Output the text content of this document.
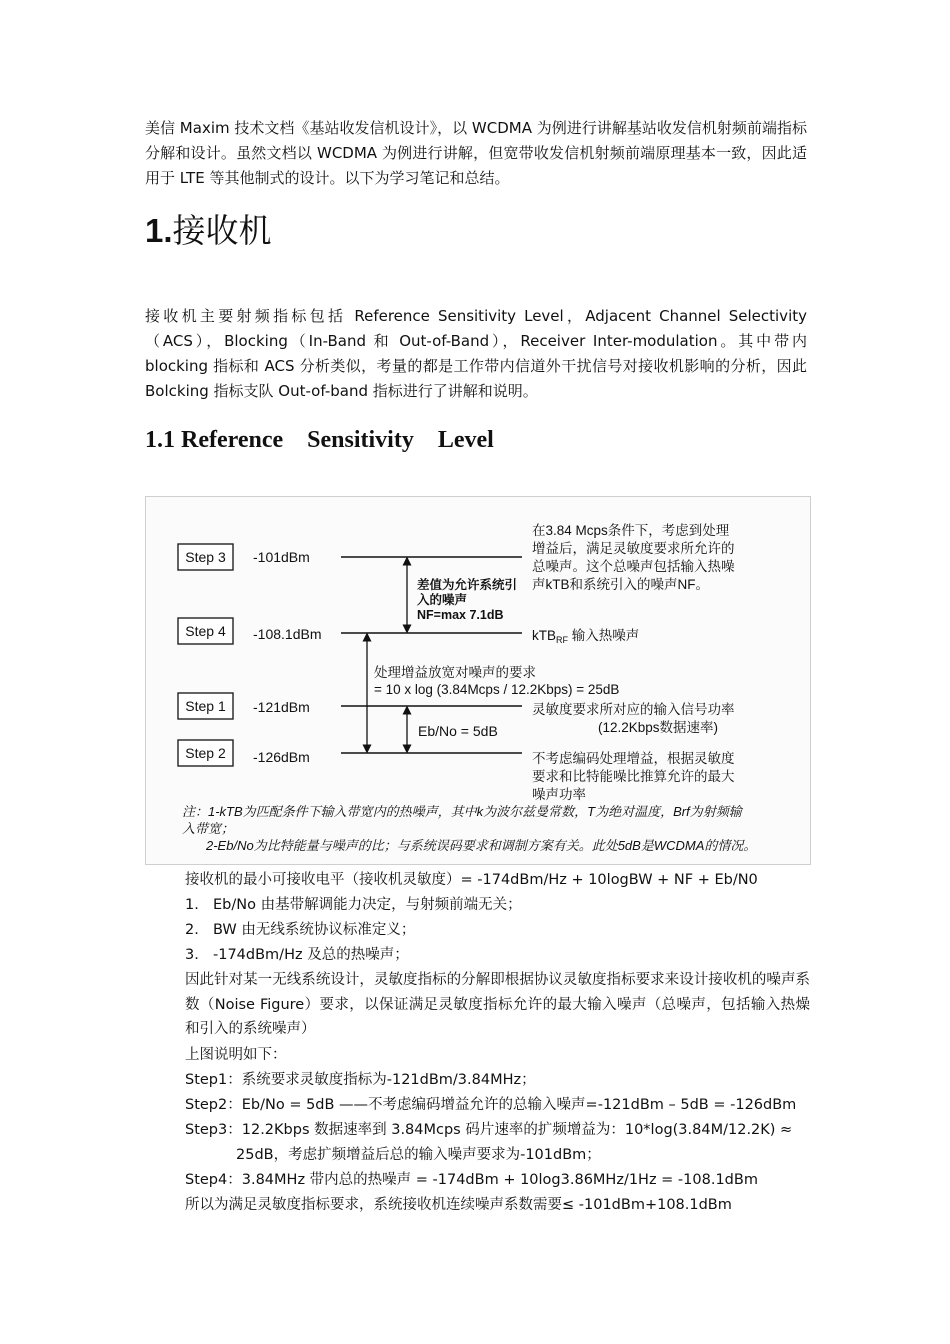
美信 Maxim 技术文档《基站收发信机设计》，以 WCDMA 为例进行讲解基站收发信机射频前端指标分解和设计。虽然文档以 WCDMA 为例进行讲解，但宽带收发信机射频前端原理基本一致，因此适用于 LTE 等其他制式的设计。以下为学习笔记和总结。
1.接收机
接收机主要射频指标包括 Reference Sensitivity Level，Adjacent Channel Selectivity（ACS），Blocking（In-Band 和 Out-of-Band），Receiver Inter-modulation。其中带内 blocking 指标和 ACS 分析类似，考量的都是工作带内信道外干扰信号对接收机影响的分析，因此 Bolcking 指标支队 Out-of-band 指标进行了讲解和说明。
1.1 Reference    Sensitivity    Level
Step 3 -101dBm
Step 4 -108.1dBm
Step 1 -121dBm
Step 2 -126dBm
差值为允许系统引
入的噪声
NF=max 7.1dB
处理增益放宽对噪声的要求
= 10 x log (3.84Mcps / 12.2Kbps) = 25dB
Eb/No = 5dB
在3.84 Mcps条件下，考虑到处理
增益后，满足灵敏度要求所允许的
总噪声。这个总噪声包括输入热噪
声kTB和系统引入的噪声NF。
kTB$_{RF}$ 输入热噪声
灵敏度要求所对应的输入信号功率
(12.2Kbps数据速率)
不考虑编码处理增益，根据灵敏度
要求和比特能噪比推算允许的最大
噪声功率
注：1-kTB为匹配条件下输入带宽内的热噪声，其中k为波尔兹曼常数，T为绝对温度，Brf为射频输
入带宽；
2-Eb/No为比特能量与噪声的比；与系统误码要求和调制方案有关。此处5dB是WCDMA的情况。
接收机的最小可接收电平（接收机灵敏度）= -174dBm/Hz + 10logBW + NF + Eb/N0
1. Eb/No 由基带解调能力决定，与射频前端无关；
2. BW 由无线系统协议标准定义；
3. -174dBm/Hz 及总的热噪声；
因此针对某一无线系统设计，灵敏度指标的分解即根据协议灵敏度指标要求来设计接收机的噪声系数（Noise Figure）要求，以保证满足灵敏度指标允许的最大输入噪声（总噪声，包括输入热燥和引入的系统噪声）
上图说明如下：
Step1：系统要求灵敏度指标为-121dBm/3.84MHz；
Step2：Eb/No = 5dB ——不考虑编码增益允许的总输入噪声=-121dBm – 5dB = -126dBm
Step3：12.2Kbps 数据速率到 3.84Mcps 码片速率的扩频增益为：10*log(3.84M/12.2K) ≈
25dB，考虑扩频增益后总的输入噪声要求为-101dBm；
Step4：3.84MHz 带内总的热噪声 = -174dBm + 10log3.86MHz/1Hz = -108.1dBm
所以为满足灵敏度指标要求，系统接收机连续噪声系数需要≤ -101dBm+108.1dBm
